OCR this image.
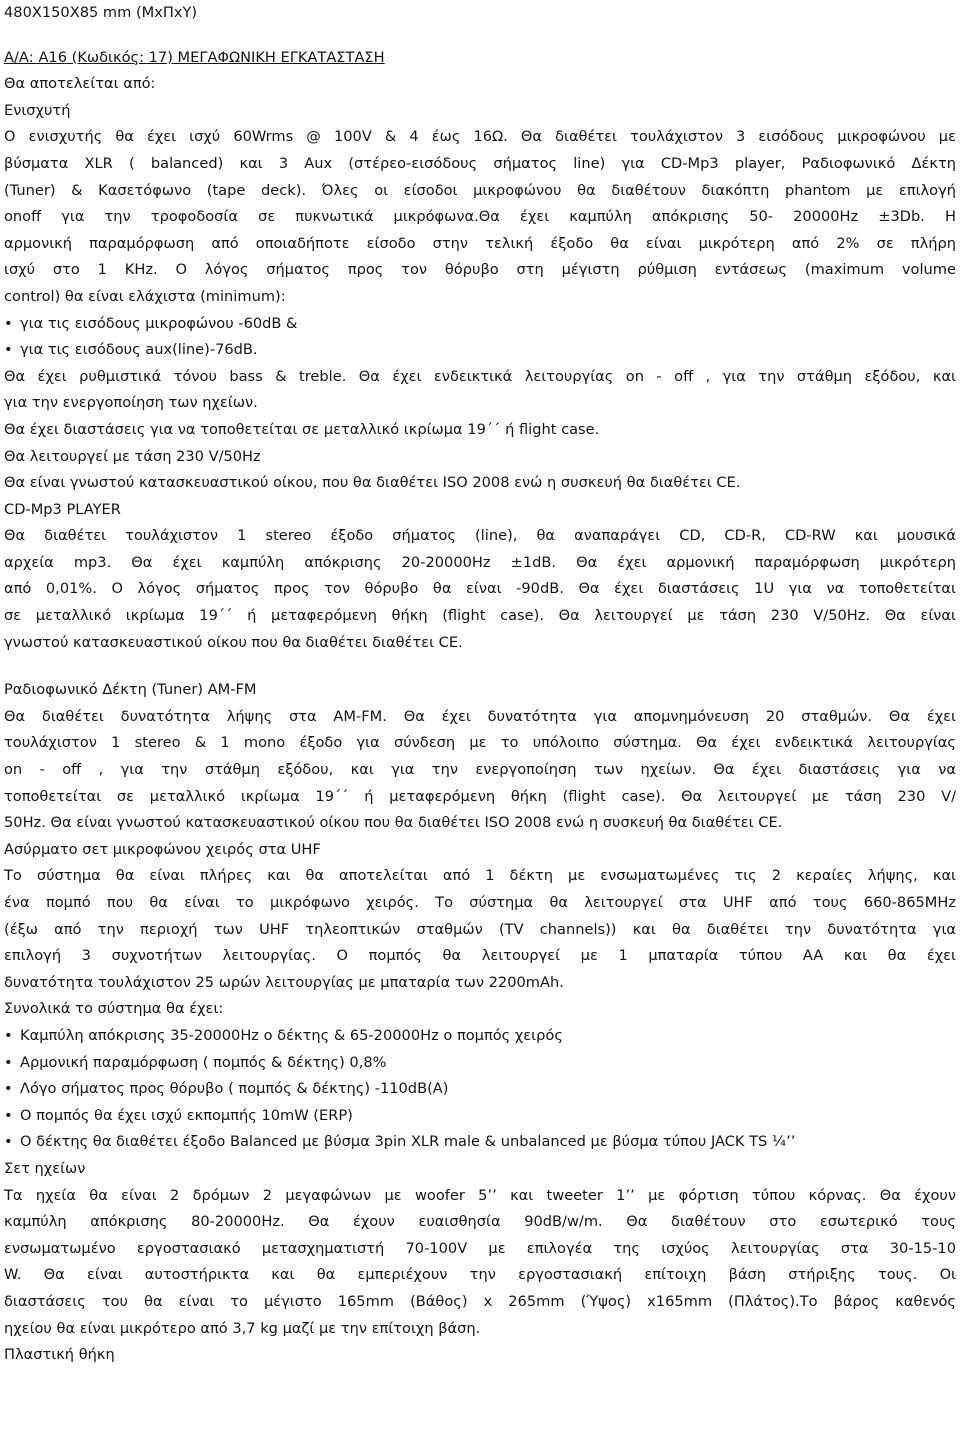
480X150X85 mm (ΜxΠxΥ)
Α/Α: Α16 (Κωδικός: 17) ΜΕΓΑΦΩΝΙΚΗ ΕΓΚΑΤΑΣΤΑΣΗ
Θα αποτελείται από:
Ενισχυτή
Ο ενισχυτής θα έχει ισχύ 60Wrms @ 100V & 4 έως 16Ω. Θα διαθέτει τουλάχιστον 3 εισόδους μικροφώνου με
βύσματα XLR ( balanced) και 3 Aux (στέρεο-εισόδους σήματος line) για CD-Mp3 player, Ραδιοφωνικό Δέκτη
(Tuner) & Κασετόφωνο (tape deck). Όλες οι είσοδοι μικροφώνου θα διαθέτουν διακόπτη phantom με επιλογή
onoff για την τροφοδοσία σε πυκνωτικά μικρόφωνα.Θα έχει καμπύλη απόκρισης 50- 20000Hz ±3Db. Η
αρμονική παραμόρφωση από οποιαδήποτε είσοδο στην τελική έξοδο θα είναι μικρότερη από 2% σε πλήρη
ισχύ στο 1 KHz. Ο λόγος σήματος προς τον θόρυβο στη μέγιστη ρύθμιση εντάσεως (maximum volume
control) θα είναι ελάχιστα (minimum):
• για τις εισόδους μικροφώνου -60dB &
• για τις εισόδους aux(line)-76dB.
Θα έχει ρυθμιστικά τόνου bass & treble. Θα έχει ενδεικτικά λειτουργίας on - off , για την στάθμη εξόδου, και
για την ενεργοποίηση των ηχείων.
Θα έχει διαστάσεις για να τοποθετείται σε μεταλλικό ικρίωμα 19΄΄ ή flight case.
Θα λειτουργεί με τάση 230 V/50Hz
Θα είναι γνωστού κατασκευαστικού οίκου, που θα διαθέτει ISO 2008 ενώ η συσκευή θα διαθέτει CE.
CD-Mp3 PLAYER
Θα διαθέτει τουλάχιστον 1 stereo έξοδο σήματος (line), θα αναπαράγει CD, CD-R, CD-RW και μουσικά
αρχεία mp3. Θα έχει καμπύλη απόκρισης 20-20000Hz ±1dB. Θα έχει αρμονική παραμόρφωση μικρότερη
από 0,01%. Ο λόγος σήματος προς τον θόρυβο θα είναι -90dB. Θα έχει διαστάσεις 1U για να τοποθετείται
σε μεταλλικό ικρίωμα 19΄΄ ή μεταφερόμενη θήκη (flight case). Θα λειτουργεί με τάση 230 V/50Hz. Θα είναι
γνωστού κατασκευαστικού οίκου που θα διαθέτει διαθέτει CE.
Ραδιοφωνικό Δέκτη (Tuner) AM-FM
Θα διαθέτει δυνατότητα λήψης στα AM-FM. Θα έχει δυνατότητα για απομνημόνευση 20 σταθμών. Θα έχει
τουλάχιστον 1 stereo & 1 mono έξοδο για σύνδεση με το υπόλοιπο σύστημα. Θα έχει ενδεικτικά λειτουργίας
on - off , για την στάθμη εξόδου, και για την ενεργοποίηση των ηχείων. Θα έχει διαστάσεις για να
τοποθετείται σε μεταλλικό ικρίωμα 19΄΄ ή μεταφερόμενη θήκη (flight case). Θα λειτουργεί με τάση 230 V/
50Hz. Θα είναι γνωστού κατασκευαστικού οίκου που θα διαθέτει ISO 2008 ενώ η συσκευή θα διαθέτει CE.
Ασύρματο σετ μικροφώνου χειρός στα UHF
Το σύστημα θα είναι πλήρες και θα αποτελείται από 1 δέκτη με ενσωματωμένες τις 2 κεραίες λήψης, και
ένα πομπό που θα είναι το μικρόφωνο χειρός. Το σύστημα θα λειτουργεί στα UHF από τους 660-865MHz
(έξω από την περιοχή των UHF τηλεοπτικών σταθμών (TV channels)) και θα διαθέτει την δυνατότητα για
επιλογή 3 συχνοτήτων λειτουργίας. Ο πομπός θα λειτουργεί με 1 μπαταρία τύπου AA και θα έχει
δυνατότητα τουλάχιστον 25 ωρών λειτουργίας με μπαταρία των 2200mAh.
Συνολικά το σύστημα θα έχει:
• Καμπύλη απόκρισης 35-20000Hz ο δέκτης & 65-20000Hz ο πομπός χειρός
• Αρμονική παραμόρφωση ( πομπός & δέκτης) 0,8%
• Λόγο σήματος προς θόρυβο ( πομπός & δέκτης) -110dB(A)
• Ο πομπός θα έχει ισχύ εκπομπής 10mW (ERP)
• Ο δέκτης θα διαθέτει έξοδο Balanced με βύσμα 3pin XLR male & unbalanced με βύσμα τύπου JACK TS ¼’’
Σετ ηχείων
Τα ηχεία θα είναι 2 δρόμων 2 μεγαφώνων με woofer 5’’ και tweeter 1’’ με φόρτιση τύπου κόρνας. Θα έχουν
καμπύλη απόκρισης 80-20000Hz. Θα έχουν ευαισθησία 90dB/w/m. Θα διαθέτουν στο εσωτερικό τους
ενσωματωμένο εργοστασιακό μετασχηματιστή 70-100V με επιλογέα της ισχύος λειτουργίας στα 30-15-10
W. Θα είναι αυτοστήρικτα και θα εμπεριέχουν την εργοστασιακή επίτοιχη βάση στήριξης τους. Οι
διαστάσεις του θα είναι το μέγιστο 165mm (Βάθος) x 265mm (Ύψος) x165mm (Πλάτος).Το βάρος καθενός
ηχείου θα είναι μικρότερο από 3,7 kg μαζί με την επίτοιχη βάση.
Πλαστική θήκη
